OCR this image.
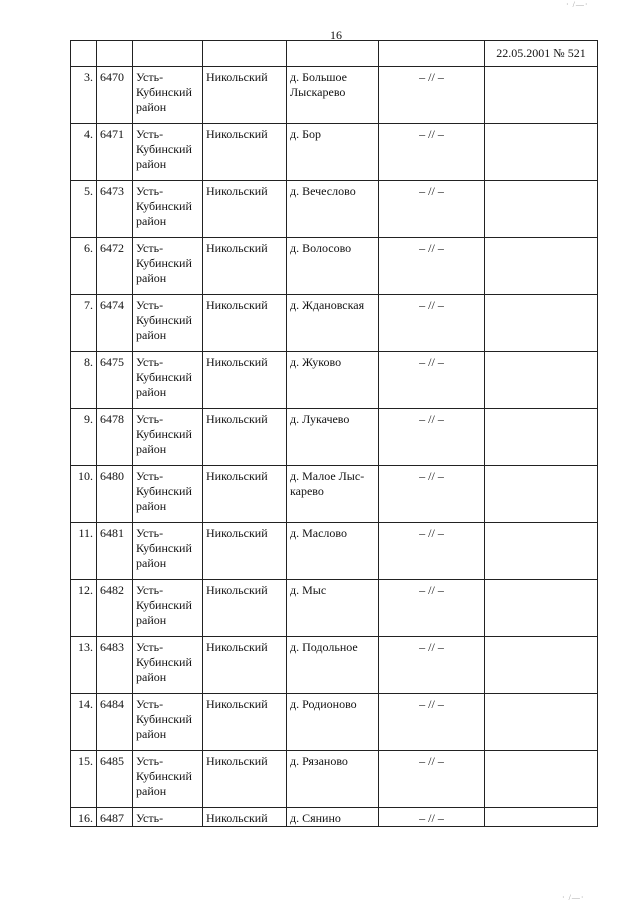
16
· /—·
						22.05.2001 № 521
3.	6470	Усть-Кубинский район	Никольский	д. Большое Лыскарево	– // –	
4.	6471	Усть-Кубинский район	Никольский	д. Бор	– // –	
5.	6473	Усть-Кубинский район	Никольский	д. Вечеслово	– // –	
6.	6472	Усть-Кубинский район	Никольский	д. Волосово	– // –	
7.	6474	Усть-Кубинский район	Никольский	д. Ждановская	– // –	
8.	6475	Усть-Кубинский район	Никольский	д. Жуково	– // –	
9.	6478	Усть-Кубинский район	Никольский	д. Лукачево	– // –	
10.	6480	Усть-Кубинский район	Никольский	д. Малое Лыс-карево	– // –	
11.	6481	Усть-Кубинский район	Никольский	д. Маслово	– // –	
12.	6482	Усть-Кубинский район	Никольский	д. Мыс	– // –	
13.	6483	Усть-Кубинский район	Никольский	д. Подольное	– // –	
14.	6484	Усть-Кубинский район	Никольский	д. Родионово	– // –	
15.	6485	Усть-Кубинский район	Никольский	д. Рязаново	– // –	
16.	6487	Усть-	Никольский	д. Сянино	– // –	
· /—·
